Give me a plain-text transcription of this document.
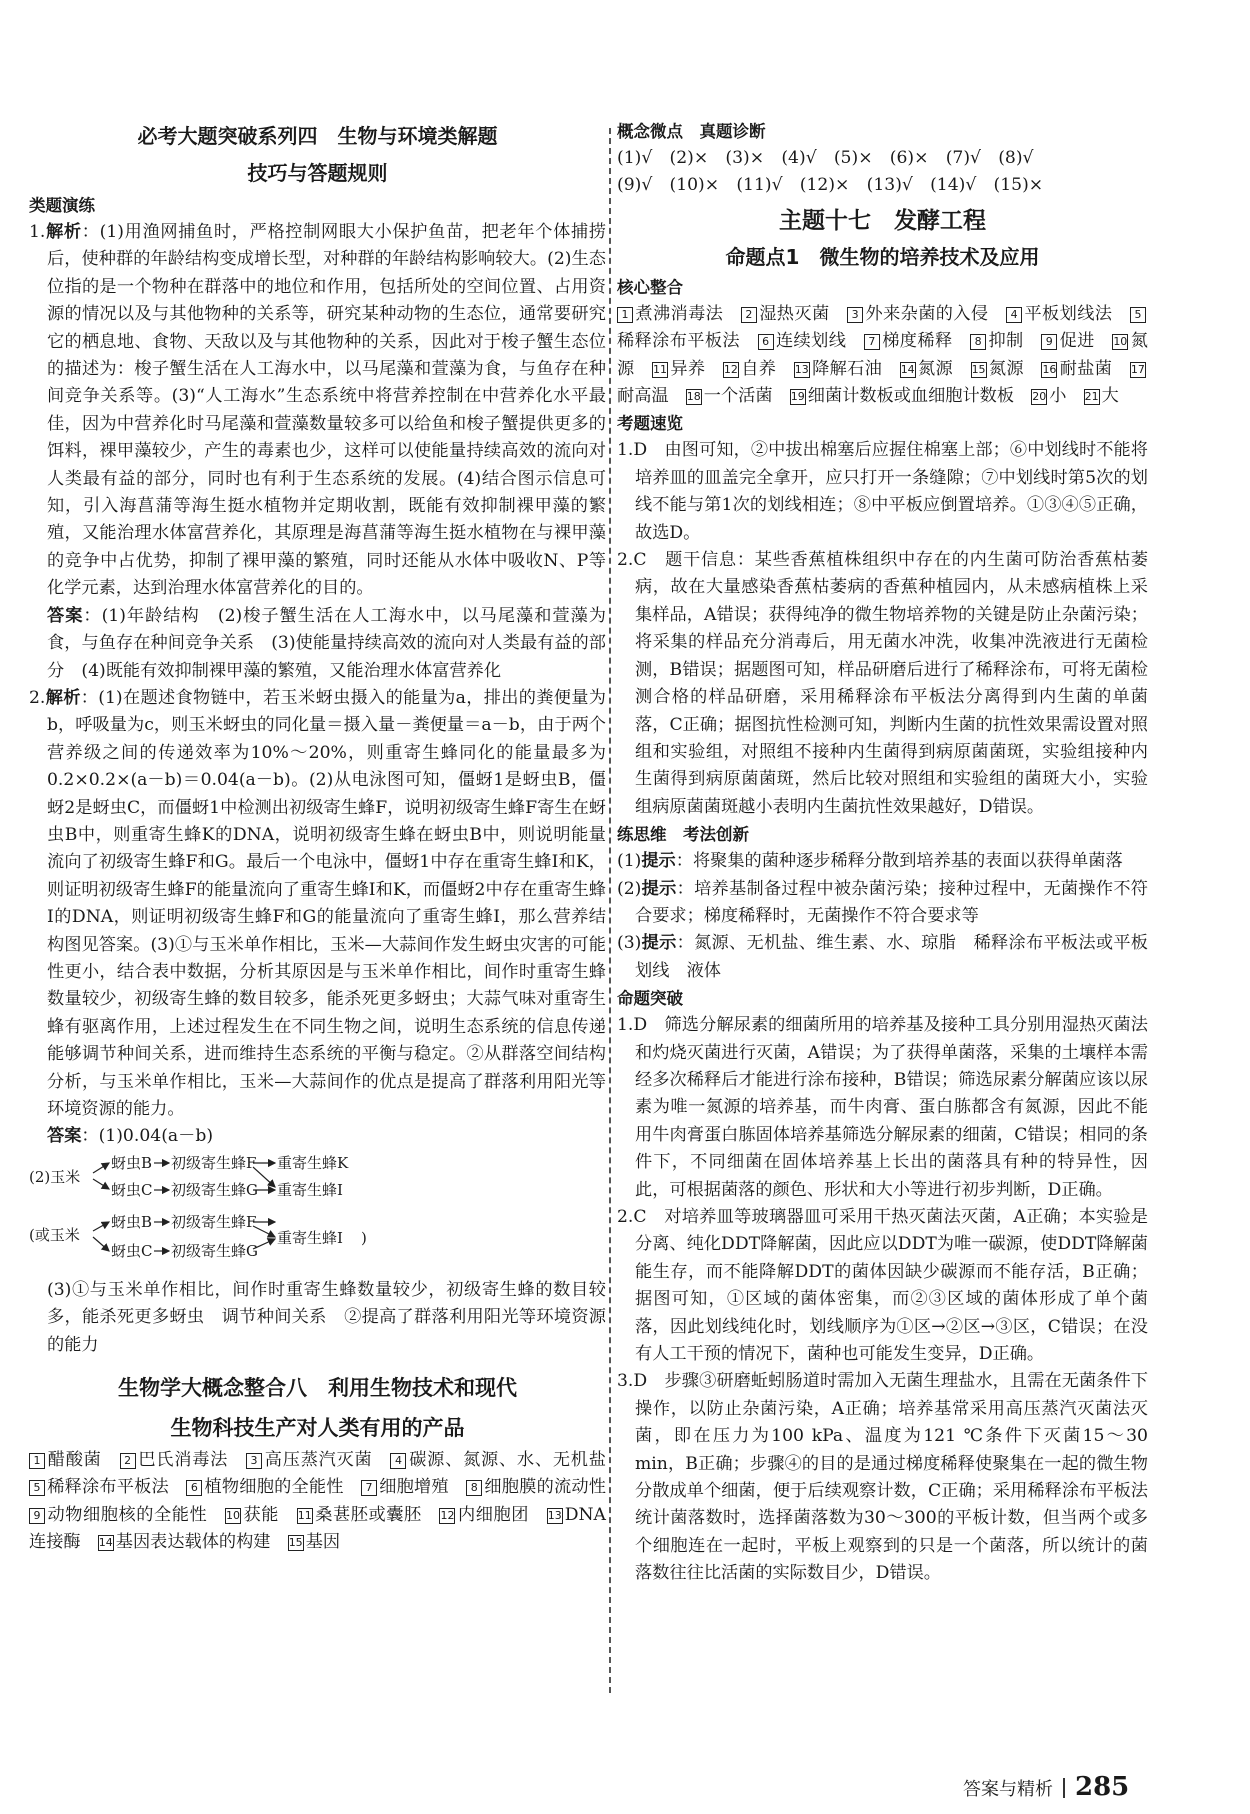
必考大题突破系列四　生物与环境类解题
技巧与答题规则
类题演练
1.解析：(1)用渔网捕鱼时，严格控制网眼大小保护鱼苗，把老年个体捕捞后，使种群的年龄结构变成增长型，对种群的年龄结构影响较大。(2)生态位指的是一个物种在群落中的地位和作用，包括所处的空间位置、占用资源的情况以及与其他物种的关系等，研究某种动物的生态位，通常要研究它的栖息地、食物、天敌以及与其他物种的关系，因此对于梭子蟹生态位的描述为：梭子蟹生活在人工海水中，以马尾藻和萱藻为食，与鱼存在种间竞争关系等。(3)“人工海水”生态系统中将营养控制在中营养化水平最佳，因为中营养化时马尾藻和萱藻数量较多可以给鱼和梭子蟹提供更多的饵料，裸甲藻较少，产生的毒素也少，这样可以使能量持续高效的流向对人类最有益的部分，同时也有利于生态系统的发展。(4)结合图示信息可知，引入海菖蒲等海生挺水植物并定期收割，既能有效抑制裸甲藻的繁殖，又能治理水体富营养化，其原理是海菖蒲等海生挺水植物在与裸甲藻的竞争中占优势，抑制了裸甲藻的繁殖，同时还能从水体中吸收N、P等化学元素，达到治理水体富营养化的目的。
答案：(1)年龄结构　(2)梭子蟹生活在人工海水中，以马尾藻和萱藻为食，与鱼存在种间竞争关系　(3)使能量持续高效的流向对人类最有益的部分　(4)既能有效抑制裸甲藻的繁殖，又能治理水体富营养化
2.解析：(1)在题述食物链中，若玉米蚜虫摄入的能量为a，排出的粪便量为b，呼吸量为c，则玉米蚜虫的同化量＝摄入量－粪便量＝a－b，由于两个营养级之间的传递效率为10%～20%，则重寄生蜂同化的能量最多为0.2×0.2×(a－b)＝0.04(a－b)。(2)从电泳图可知，僵蚜1是蚜虫B，僵蚜2是蚜虫C，而僵蚜1中检测出初级寄生蜂F，说明初级寄生蜂F寄生在蚜虫B中，则重寄生蜂K的DNA，说明初级寄生蜂在蚜虫B中，则说明能量流向了初级寄生蜂F和G。最后一个电泳中，僵蚜1中存在重寄生蜂I和K，则证明初级寄生蜂F的能量流向了重寄生蜂I和K，而僵蚜2中存在重寄生蜂I的DNA，则证明初级寄生蜂F和G的能量流向了重寄生蜂I，那么营养结构图见答案。(3)①与玉米单作相比，玉米—大蒜间作发生蚜虫灾害的可能性更小，结合表中数据，分析其原因是与玉米单作相比，间作时重寄生蜂数量较少，初级寄生蜂的数目较多，能杀死更多蚜虫；大蒜气味对重寄生蜂有驱离作用，上述过程发生在不同生物之间，说明生态系统的信息传递能够调节种间关系，进而维持生态系统的平衡与稳定。②从群落空间结构分析，与玉米单作相比，玉米—大蒜间作的优点是提高了群落利用阳光等环境资源的能力。
答案：(1)0.04(a－b)
(2)玉米
蚜虫B
蚜虫C
初级寄生蜂F
初级寄生蜂G
重寄生蜂K
重寄生蜂I
(或玉米
蚜虫B
蚜虫C
初级寄生蜂F
初级寄生蜂G
重寄生蜂I )
(3)①与玉米单作相比，间作时重寄生蜂数量较少，初级寄生蜂的数目较多，能杀死更多蚜虫　调节种间关系　②提高了群落利用阳光等环境资源的能力
生物学大概念整合八　利用生物技术和现代
生物科技生产对人类有用的产品
1 醋酸菌　 2 巴氏消毒法　 3 高压蒸汽灭菌　 4 碳源、氮源、水、无机盐　5 稀释涂布平板法　 6 植物细胞的全能性　 7 细胞增殖　 8 细胞膜的流动性　9 动物细胞核的全能性　 10 获能　 11 桑葚胚或囊胚　 12 内细胞团　 13 DNA连接酶　 14 基因表达载体的构建　 15 基因
概念微点　真题诊断
(1)√　(2)×　(3)×　(4)√　(5)×　(6)×　(7)√　(8)√
(9)√　(10)×　(11)√　(12)×　(13)√　(14)√　(15)×
主题十七　发酵工程
命题点1　微生物的培养技术及应用
核心整合
1 煮沸消毒法　 2 湿热灭菌　 3 外来杂菌的入侵　 4 平板划线法　 5稀释涂布平板法　 6 连续划线　 7 梯度稀释　 8 抑制　 9 促进　 10 氮源　 11 异养　 12 自养　 13 降解石油　 14 氮源　 15 氮源　 16 耐盐菌　 17耐高温　 18 一个活菌　 19 细菌计数板或血细胞计数板　 20 小　 21 大
考题速览
1.D　由图可知，②中拔出棉塞后应握住棉塞上部；⑥中划线时不能将培养皿的皿盖完全拿开，应只打开一条缝隙；⑦中划线时第5次的划线不能与第1次的划线相连；⑧中平板应倒置培养。①③④⑤正确，故选D。
2.C　题干信息：某些香蕉植株组织中存在的内生菌可防治香蕉枯萎病，故在大量感染香蕉枯萎病的香蕉种植园内，从未感病植株上采集样品，A错误；获得纯净的微生物培养物的关键是防止杂菌污染；将采集的样品充分消毒后，用无菌水冲洗，收集冲洗液进行无菌检测，B错误；据题图可知，样品研磨后进行了稀释涂布，可将无菌检测合格的样品研磨，采用稀释涂布平板法分离得到内生菌的单菌落，C正确；据图抗性检测可知，判断内生菌的抗性效果需设置对照组和实验组，对照组不接种内生菌得到病原菌菌斑，实验组接种内生菌得到病原菌菌斑，然后比较对照组和实验组的菌斑大小，实验组病原菌菌斑越小表明内生菌抗性效果越好，D错误。
练思维　考法创新
(1)提示：将聚集的菌种逐步稀释分散到培养基的表面以获得单菌落
(2)提示：培养基制备过程中被杂菌污染；接种过程中，无菌操作不符合要求；梯度稀释时，无菌操作不符合要求等
(3)提示：氮源、无机盐、维生素、水、琼脂　稀释涂布平板法或平板划线　液体
命题突破
1.D　筛选分解尿素的细菌所用的培养基及接种工具分别用湿热灭菌法和灼烧灭菌进行灭菌，A错误；为了获得单菌落，采集的土壤样本需经多次稀释后才能进行涂布接种，B错误；筛选尿素分解菌应该以尿素为唯一氮源的培养基，而牛肉膏、蛋白胨都含有氮源，因此不能用牛肉膏蛋白胨固体培养基筛选分解尿素的细菌，C错误；相同的条件下，不同细菌在固体培养基上长出的菌落具有种的特异性，因此，可根据菌落的颜色、形状和大小等进行初步判断，D正确。
2.C　对培养皿等玻璃器皿可采用干热灭菌法灭菌，A正确；本实验是分离、纯化DDT降解菌，因此应以DDT为唯一碳源，使DDT降解菌能生存，而不能降解DDT的菌体因缺少碳源而不能存活，B正确；据图可知，①区域的菌体密集，而②③区域的菌体形成了单个菌落，因此划线纯化时，划线顺序为①区→②区→③区，C错误；在没有人工干预的情况下，菌种也可能发生变异，D正确。
3.D　步骤③研磨蚯蚓肠道时需加入无菌生理盐水，且需在无菌条件下操作，以防止杂菌污染，A正确；培养基常采用高压蒸汽灭菌法灭菌，即在压力为100 kPa、温度为121 ℃条件下灭菌15～30 min，B正确；步骤④的目的是通过梯度稀释使聚集在一起的微生物分散成单个细菌，便于后续观察计数，C正确；采用稀释涂布平板法统计菌落数时，选择菌落数为30～300的平板计数，但当两个或多个细胞连在一起时，平板上观察到的只是一个菌落，所以统计的菌落数往往比活菌的实际数目少，D错误。
答案与精析 285
